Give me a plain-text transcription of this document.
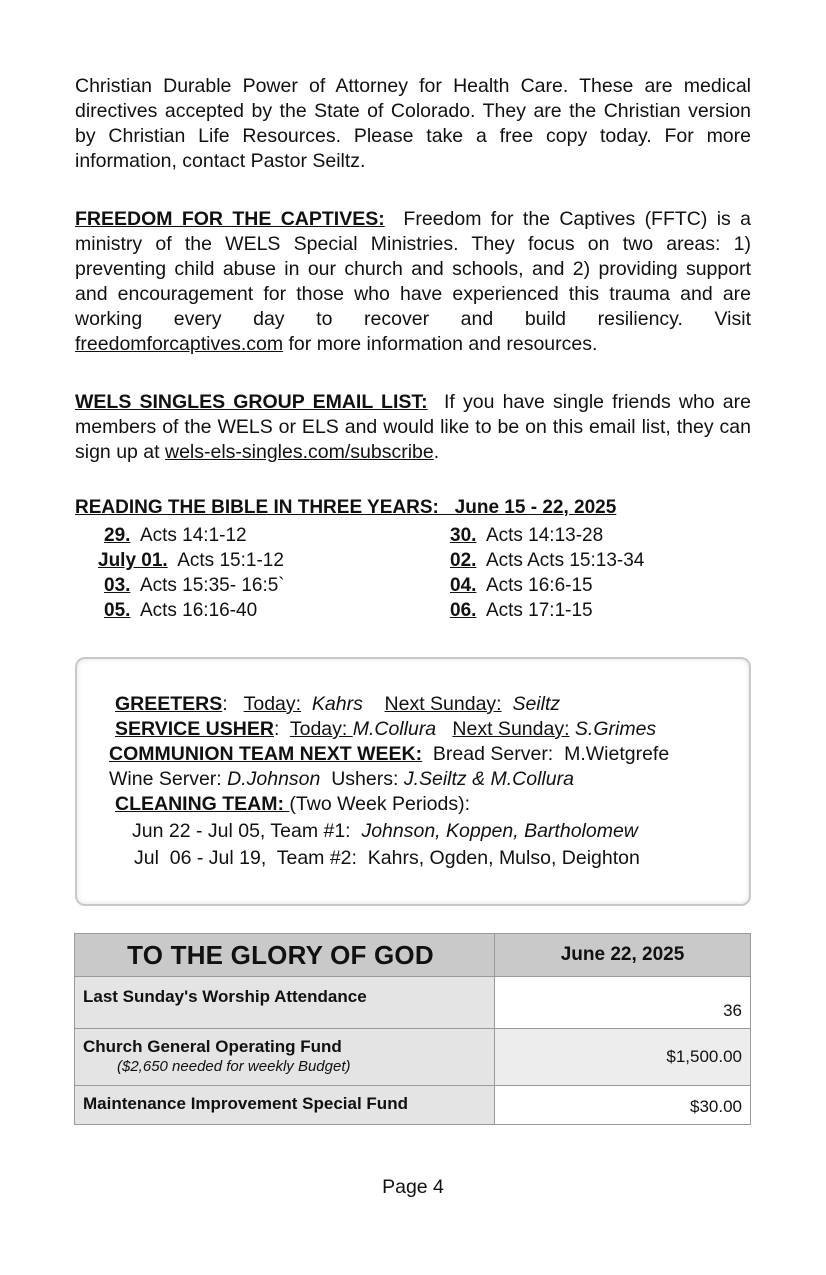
Christian Durable Power of Attorney for Health Care. These are medical directives accepted by the State of Colorado. They are the Christian version by Christian Life Resources. Please take a free copy today. For more information, contact Pastor Seiltz.

FREEDOM FOR THE CAPTIVES: Freedom for the Captives (FFTC) is a ministry of the WELS Special Ministries. They focus on two areas: 1) preventing child abuse in our church and schools, and 2) providing support and encouragement for those who have experienced this trauma and are working every day to recover and build resiliency. Visit freedomforcaptives.com for more information and resources.

WELS SINGLES GROUP EMAIL LIST: If you have single friends who are members of the WELS or ELS and would like to be on this email list, they can sign up at wels-els-singles.com/subscribe.

READING THE BIBLE IN THREE YEARS:   June 15 - 22, 2025
29. Acts 14:1-12	30. Acts 14:13-28
July 01. Acts 15:1-12	02. Acts Acts 15:13-34
03. Acts 15:35- 16:5`	04. Acts 16:6-15
05. Acts 16:16-40	06. Acts 17:1-15
GREETERS:   Today: Kahrs Next Sunday: Seiltz
SERVICE USHER:  Today: M.Collura Next Sunday: S.Grimes
COMMUNION TEAM NEXT WEEK: Bread Server: M.Wietgrefe
Wine Server: D.Johnson Ushers: J.Seiltz & M.Collura
CLEANING TEAM: (Two Week Periods):
Jun 22 - Jul 05, Team #1: Johnson, Koppen, Bartholomew
Jul  06 - Jul 19,  Team #2: Kahrs, Ogden, Mulso, Deighton
TO THE GLORY OF GOD	June 22, 2025
Last Sunday's Worship Attendance	36
Church General Operating Fund
($2,650 needed for weekly Budget)	$1,500.00
Maintenance Improvement Special Fund	$30.00
Page 4
